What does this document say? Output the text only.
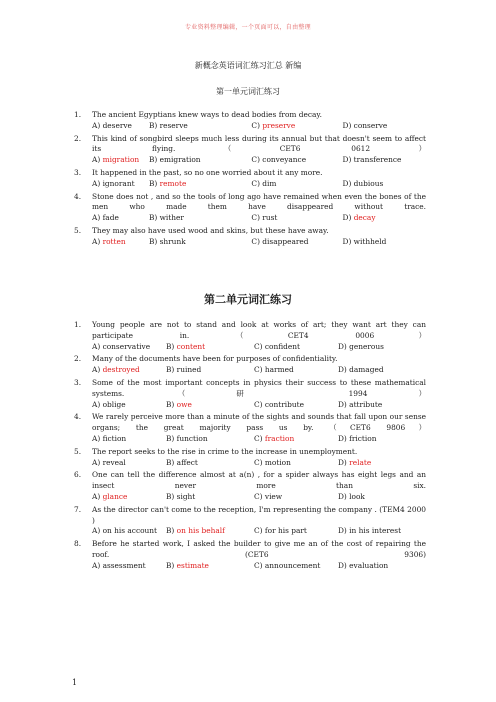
专业资料整理编辑，一个页面可以，自由整理
新概念英语词汇练习汇总 新编
第一单元词汇练习
1. The ancient Egyptians knew ways to dead bodies from decay.
A) deserve	B) reserve	C) preserve	D) conserve
2. This kind of songbird sleeps much less during its annual but that doesn't seem to affect its flying.（CET6 0612）
A) migration	B) emigration	C) conveyance	D) transference
3. It happened in the past, so no one worried about it any more.
A) ignorant	B) remote	C) dim	D) dubious
4. Stone does not , and so the tools of long ago have remained when even the bones of the men who made them have disappeared without trace.
A) fade	B) wither	C) rust	D) decay
5. They may also have used wood and skins, but these have away.
A) rotten	B) shrunk	C) disappeared	D) withheld
第二单元词汇练习
1. Young people are not to stand and look at works of art; they want art they can participate in. （CET4 0006）
A) conservative	B) content	C) confident	D) generous
2. Many of the documents have been for purposes of confidentiality.
A) destroyed	B) ruined	C) harmed	D) damaged
3. Some of the most important concepts in physics their success to these mathematical systems. （研 1994）
A) oblige	B) owe	C) contribute	D) attribute
4. We rarely perceive more than a minute of the sights and sounds that fall upon our sense organs; the great majority pass us by. （CET6 9806）
A) fiction	B) function	C) fraction	D) friction
5. The report seeks to the rise in crime to the increase in unemployment.
A) reveal	B) affect	C) motion	D) relate
6. One can tell the difference almost at a(n) , for a spider always has eight legs and an insect never more than six.
A) glance	B) sight	C) view	D) look
7. As the director can't come to the reception, I'm representing the company . (TEM4 2000 )
A) on his account	B) on his behalf	C) for his part	D) in his interest
8. Before he started work, I asked the builder to give me an of the cost of repairing the roof. (CET6 9306)
A) assessment	B) estimate	C) announcement	D) evaluation
1
